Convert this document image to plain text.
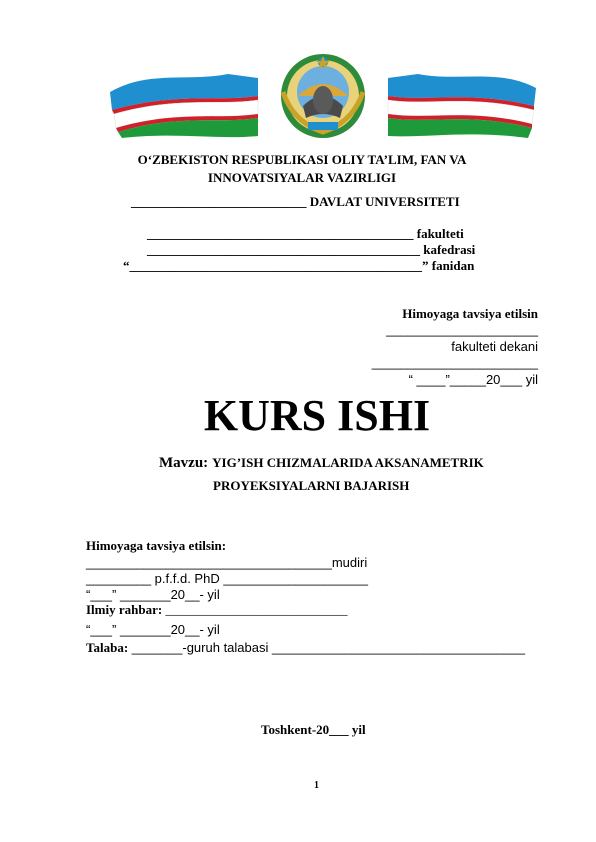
O‘ZBEKISTON RESPUBLIKASI OLIY TA’LIM, FAN VA
INNOVATSIYALAR VAZIRLIGI
___________________________ DAVLAT UNIVERSITETI
_________________________________________ fakulteti
__________________________________________ kafedrasi
“_____________________________________________” fanidan
Himoyaga tavsiya etilsin
_____________________
fakulteti dekani
_______________________
“ ____”_____20___ yil
KURS ISHI
Mavzu: YIG’ISH CHIZMALARIDA AKSANAMETRIK
PROYEKSIYALARNI BAJARISH
Himoyaga tavsiya etilsin:
__________________________________mudiri
_________ p.f.f.d. PhD ____________________
“___” _______20__- yil
Ilmiy rahbar: ____________________________
“___” _______20__- yil
Talaba: _______-guruh talabasi ___________________________________
Toshkent-20___ yil
1
